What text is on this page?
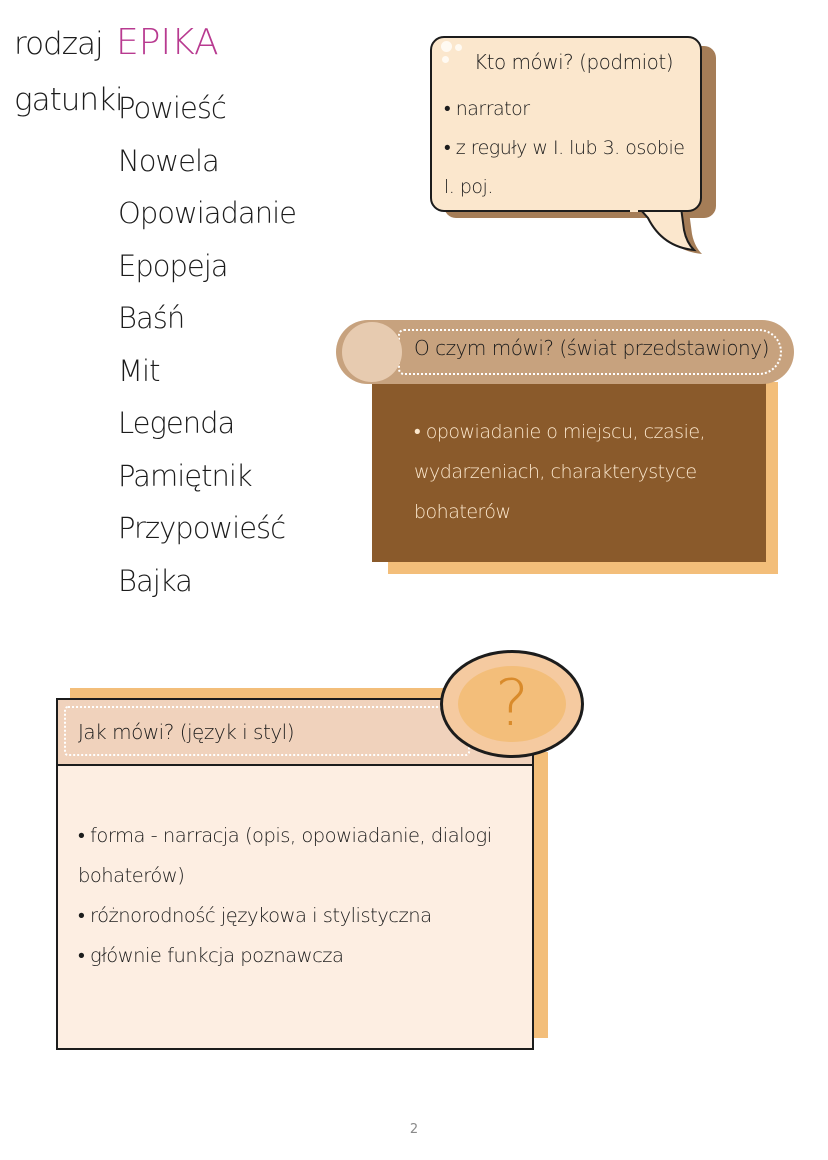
rodzaj EPIKA
gatunki
Powieść
Nowela
Opowiadanie
Epopeja
Baśń
Mit
Legenda
Pamiętnik
Przypowieść
Bajka
Kto mówi? (podmiot)
• narrator
• z reguły w I. lub 3. osobie l. poj.
O czym mówi? (świat przedstawiony)
• opowiadanie o miejscu, czasie, wydarzeniach, charakterystyce bohaterów
Jak mówi? (język i styl)
• forma - narracja (opis, opowiadanie, dialogi bohaterów)
• różnorodność językowa i stylistyczna
• głównie funkcja poznawcza
?
2
